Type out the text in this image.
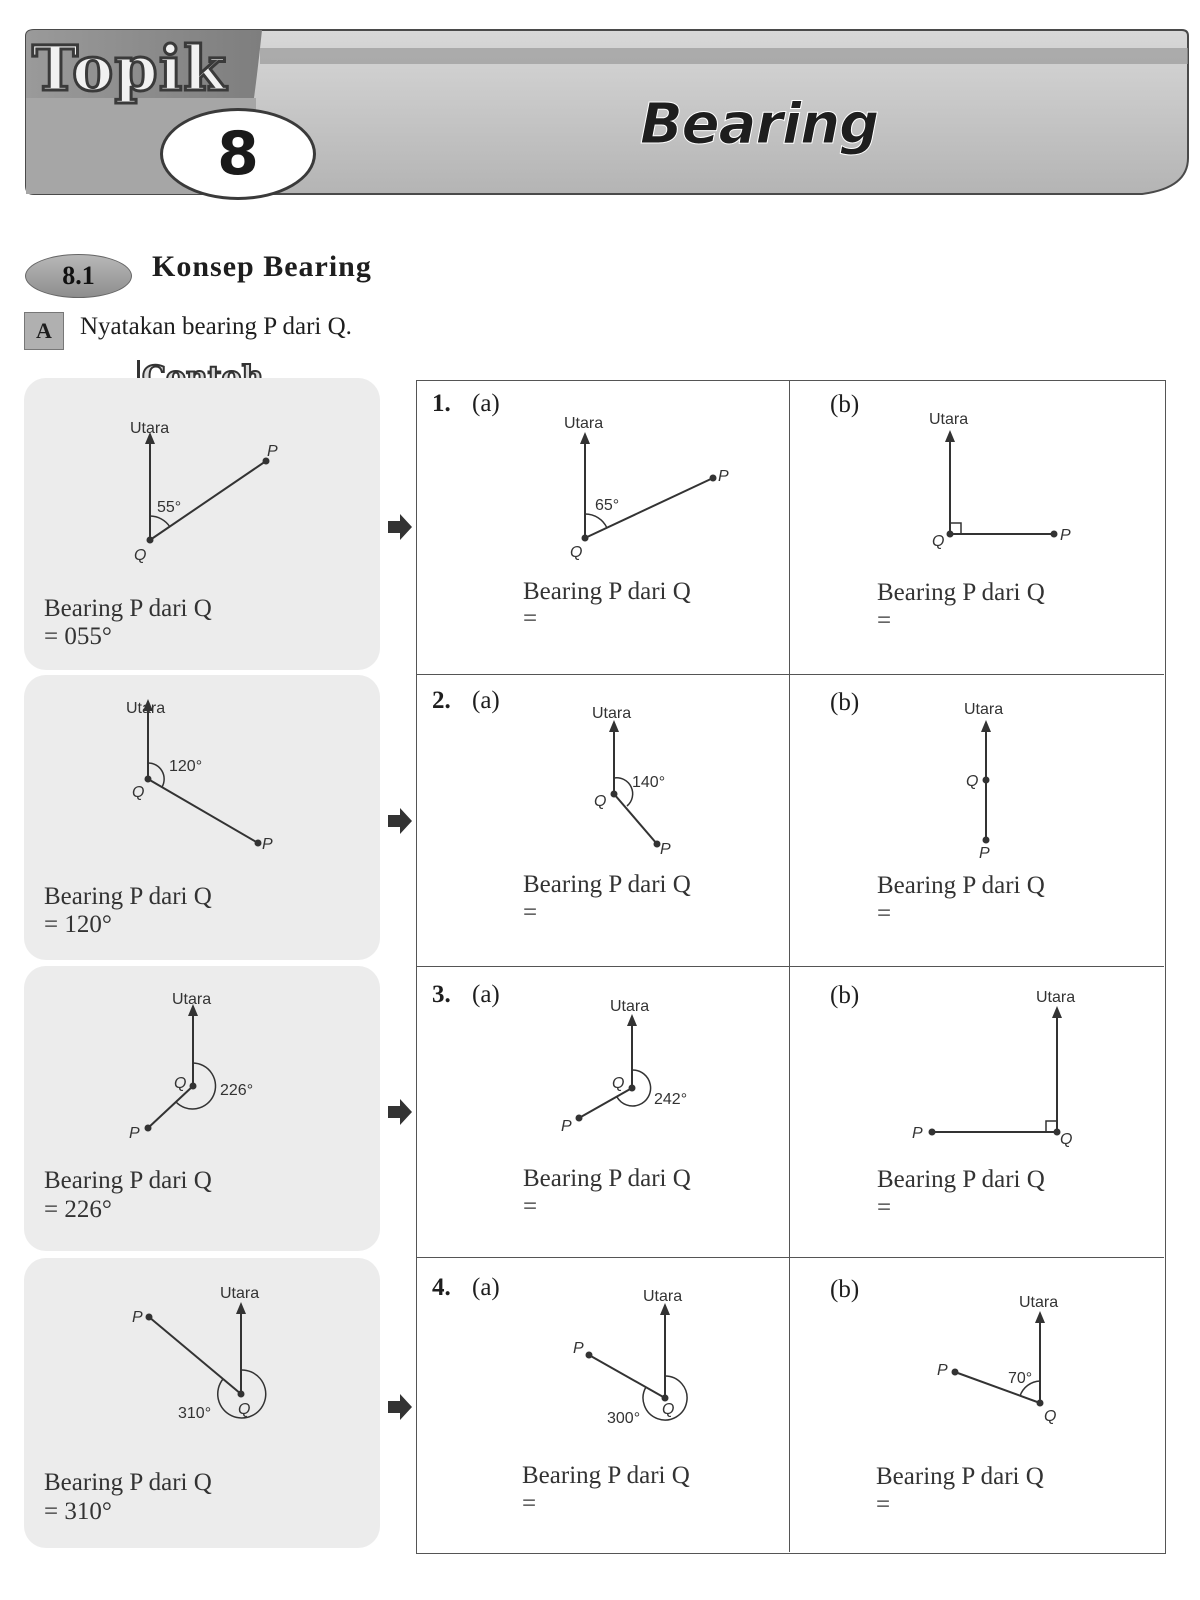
Topik
8	Bearing
8.1	Konsep Bearing
A	Nyatakan bearing P dari Q.
Utara
P
Q
55°
Bearing P dari Q
= 055°
Utara
P
Q
120°
Bearing P dari Q
= 120°
Utara
P
Q 226°
Bearing P dari Q
= 226°
Utara
P
Q
310°
Bearing P dari Q
= 310°
1. (a)	(b)
Utara
P
Q
65°
Bearing P dari Q
=
Utara
P
Q
Bearing P dari Q
=
2. (a)	(b)
Utara
P
Q
140°
Bearing P dari Q
=
Utara
P
Q
Bearing P dari Q
=
3. (a)	(b)
Utara
P
Q
242°
Bearing P dari Q
=
Utara
P	Q
Bearing P dari Q
=
4. (a)	(b)
Utara
P
Q
300°
Bearing P dari Q
=
Utara
P
Q
70°
Bearing P dari Q
=
